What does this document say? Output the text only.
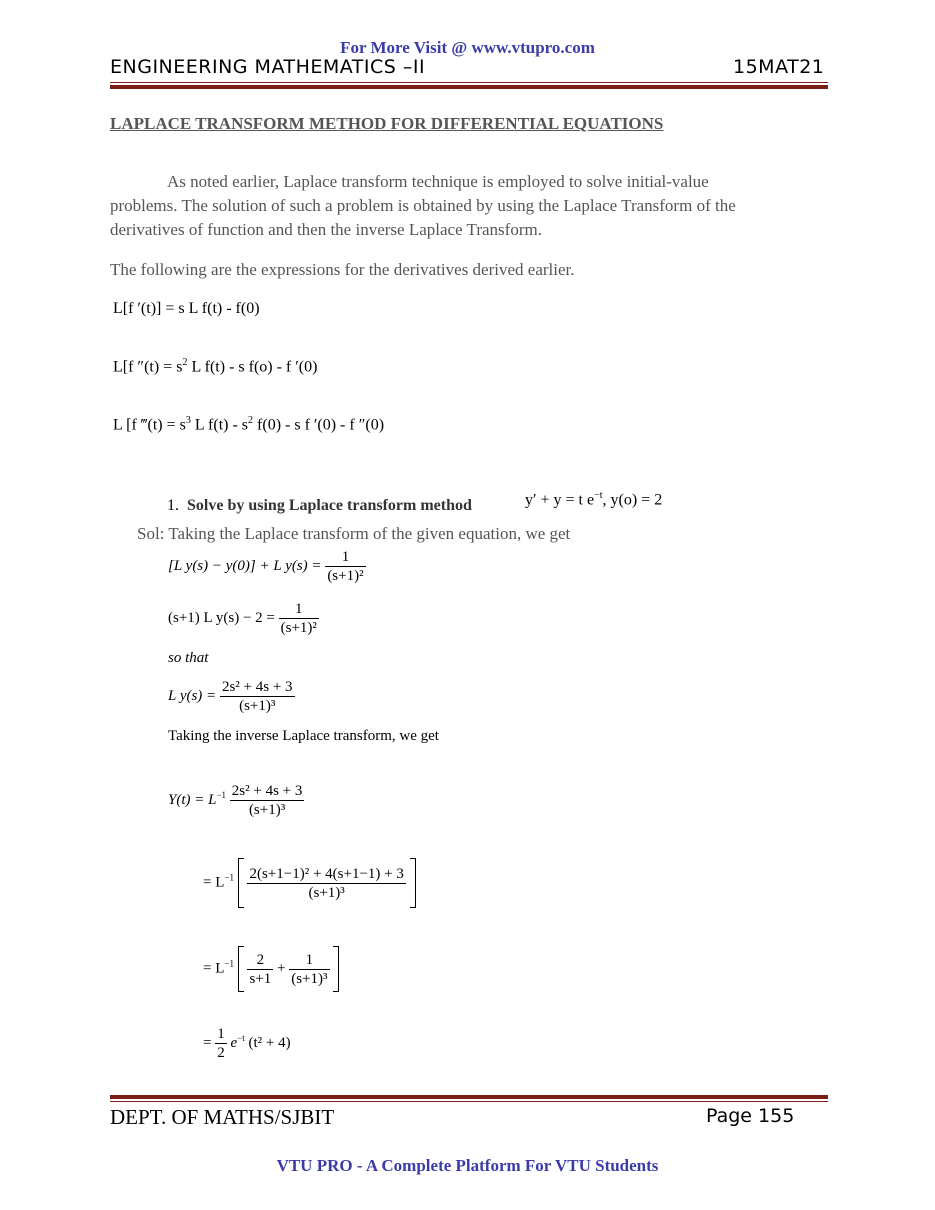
For More Visit @ www.vtupro.com
ENGINEERING MATHEMATICS –II	15MAT21
LAPLACE TRANSFORM METHOD FOR DIFFERENTIAL EQUATIONS
As noted earlier, Laplace transform technique is employed to solve initial-value
problems. The solution of such a problem is obtained by using the Laplace Transform of the
derivatives of function and then the inverse Laplace Transform.
The following are the expressions for the derivatives derived earlier.
L[f ′(t)] = s L f(t) - f(0)
L[f $''(t) = s^2$ L f(t) - s f(o) - f ′(0)
L [f ‴(t) = $s^3$ L $f(t) - s^2$ f(0) - s f ′(0) - f ″(0)
1. Solve by using Laplace transform method	y′ + y = t $e^{-t}$, y(o) = 2
Sol: Taking the Laplace transform of the given equation, we get
[L y(s) − y(0)] + L $y(s) = \frac{1}{\text{(s+1)²}}$
(s+1) L $y(s) - 2 = \frac{1}{\text{(s+1)²}}$
so that
L $y(s) = \frac{\text{2s² + 4s + 3}}{\text{(s+1)³}}$
Taking the inverse Laplace transform, we get
$Y(t) = L^{-1} \frac{\text{2s² + 4s + 3}}{\text{(s+1)³}}$
= $L^{-1} \frac{\text{2(s+1−1)² + 4(s+1−1) + 3}}{\text{(s+1)³}}$

= $L^{-1} \frac{2}{s+1} + \frac{1}{\text{(s+1)³}}$

= $\frac{1}{2} e^{-t}$ (t² + 4)
DEPT. OF MATHS/SJBIT	Page 155
VTU PRO - A Complete Platform For VTU Students
